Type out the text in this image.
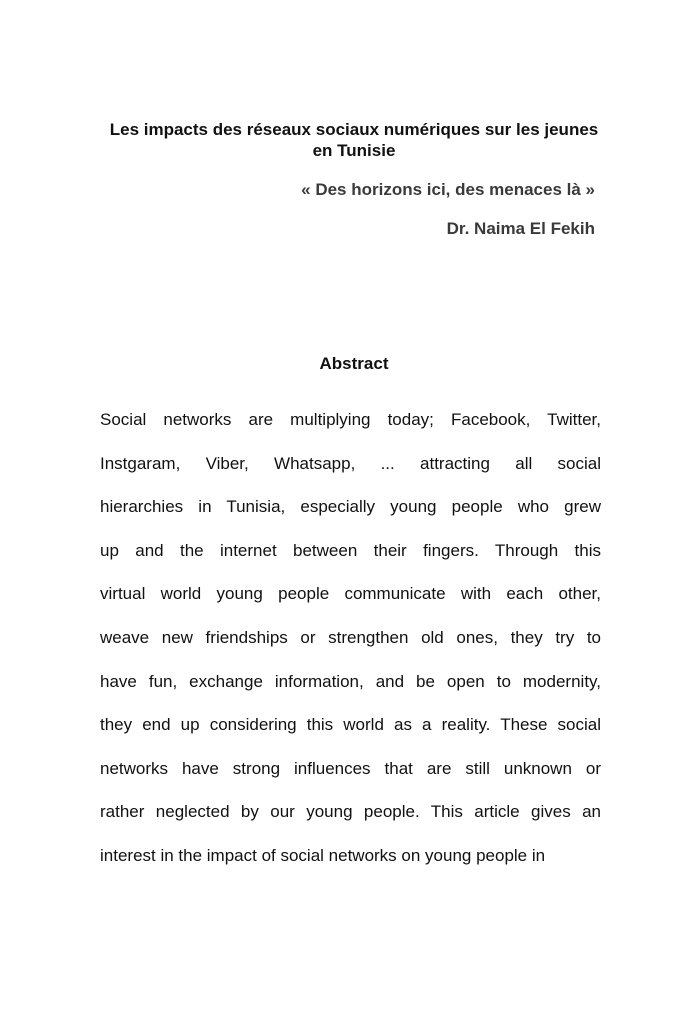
Les impacts des réseaux sociaux numériques sur les jeunes en Tunisie

« Des horizons ici, des menaces là »

Dr. Naima El Fekih

Abstract
Social networks are multiplying today; Facebook, Twitter,
Instgaram, Viber, Whatsapp, ... attracting all social
hierarchies in Tunisia, especially young people who grew
up and the internet between their fingers. Through this
virtual world young people communicate with each other,
weave new friendships or strengthen old ones, they try to
have fun, exchange information, and be open to modernity,
they end up considering this world as a reality. These social
networks have strong influences that are still unknown or
rather neglected by our young people. This article gives an
interest in the impact of social networks on young people in
